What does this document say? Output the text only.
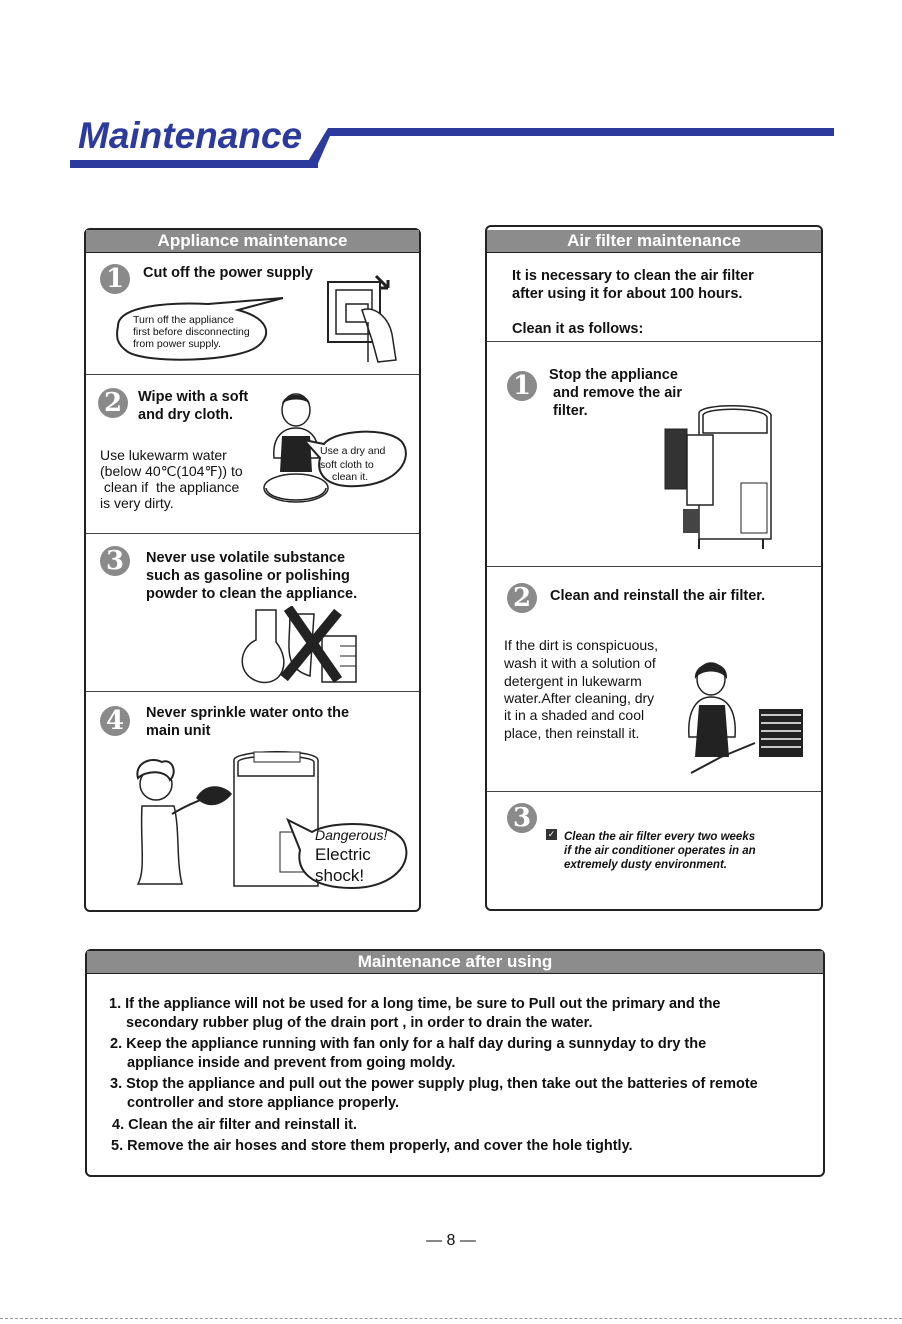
Maintenance
Appliance maintenance
1	Cut off the power supply
Turn off the appliance
first before disconnecting
from power supply.
2	Wipe with a soft
and dry cloth.
Use lukewarm water
(below 40℃(104℉)) to
clean if  the appliance
is very dirty.
Use a dry and
soft cloth to
clean it.
3	Never use volatile substance
such as gasoline or polishing
powder to clean the appliance.
4	Never sprinkle water onto the
main unit
Dangerous!
Electric
shock!
Air filter maintenance
It is necessary to clean the air filter
after using it for about 100 hours.
Clean it as follows:
1	Stop the appliance
and remove the air
filter.
2	Clean and reinstall the air filter.
If the dirt is conspicuous,
wash it with a solution of
detergent in lukewarm
water.After cleaning, dry
it in a shaded and cool
place, then reinstall it.
3
✓ Clean the air filter every two weeks
if the air conditioner operates in an
extremely dusty environment.
Maintenance after using
1. If the appliance will not be used for a long time, be sure to Pull out the primary and the
secondary rubber plug of the drain port , in order to drain the water.
2. Keep the appliance running with fan only for a half day during a sunnyday to dry the
appliance inside and prevent from going moldy.
3. Stop the appliance and pull out the power supply plug, then take out the batteries of remote
controller and store appliance properly.
4. Clean the air filter and reinstall it.
5. Remove the air hoses and store them properly, and cover the hole tightly.
— 8 —
